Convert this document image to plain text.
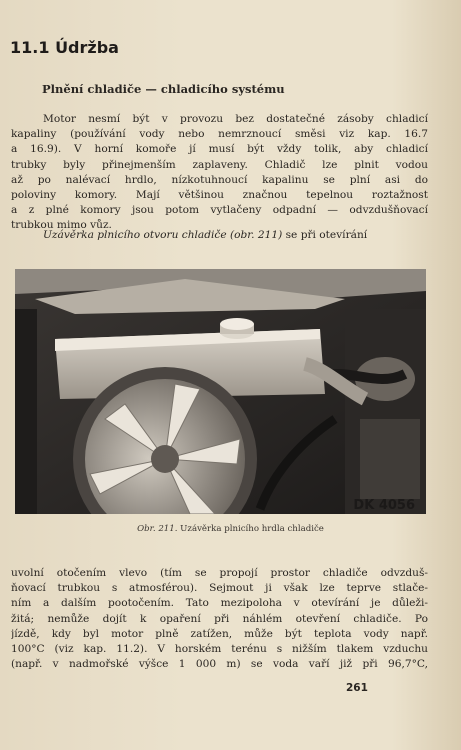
11.1 Údržba
Plnění chladiče — chladicího systému

Motor nesmí být v provozu bez dostatečné zásoby chladicí
kapaliny (používání vody nebo nemrznoucí směsi viz kap. 16.7
a 16.9). V horní komoře jí musí být vždy tolik, aby chladicí
trubky byly přinejmenším zaplaveny. Chladič lze plnit vodou
až po nalévací hrdlo, nízkotuhnoucí kapalinu se plní asi do
poloviny komory. Mají většinou značnou tepelnou roztažnost
a z plné komory jsou potom vytlačeny odpadní — odvzdušňovací
trubkou mimo vůz.

Uzávěrka plnicího otvoru chladiče (obr. 211) se při otevírání

DK 4056
Obr. 211. Uzávěrka plnicího hrdla chladiče

uvolní otočením vlevo (tím se propojí prostor chladiče odvzduš-
ňovací trubkou s atmosférou). Sejmout ji však lze teprve stlače-
ním a dalším pootočením. Tato mezipoloha v otevírání je důleži-
žitá; nemůže dojít k opaření při náhlém otevření chladiče. Po
jízdě, kdy byl motor plně zatížen, může být teplota vody např.
100°C (viz kap. 11.2). V horském terénu s nižším tlakem vzduchu
(např. v nadmořské výšce 1 000 m) se voda vaří již při 96,7°C,

261
